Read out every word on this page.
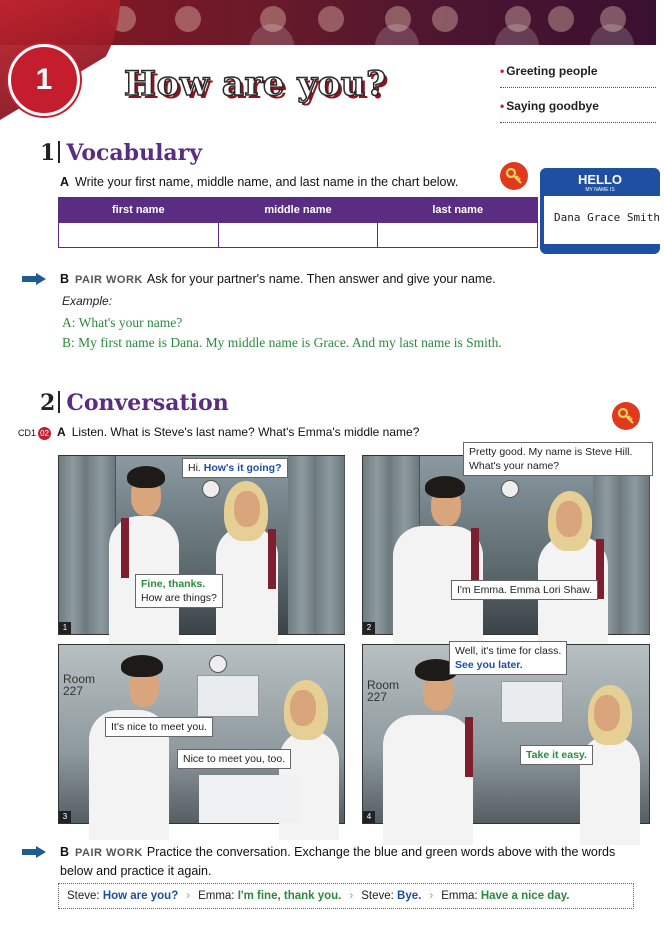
1 How are you?	• Greeting people
• Saying goodbye
1 Vocabulary
A Write your first name, middle name, and last name in the chart below.
first name	middle name	last name

HELLO
MY NAME IS
Dana Grace Smith
B PAIR WORK Ask for your partner's name. Then answer and give your name.
Example:
A: What's your name?
B: My first name is Dana. My middle name is Grace. And my last name is Smith.
2 Conversation
CD1 02 A Listen. What is Steve's last name? What's Emma's middle name?
Hi. How's it going?
Fine, thanks.
How are things?
1
Pretty good. My name is Steve Hill. What's your name?
I'm Emma. Emma Lori Shaw.
2
Room 227
It's nice to meet you.
Nice to meet you, too.
3
Room 227
Well, it's time for class.
See you later.
Take it easy.
4
B PAIR WORK Practice the conversation. Exchange the blue and green words above with the words below and practice it again.
Steve: How are you? › Emma: I'm fine, thank you. › Steve: Bye. › Emma: Have a nice day.
